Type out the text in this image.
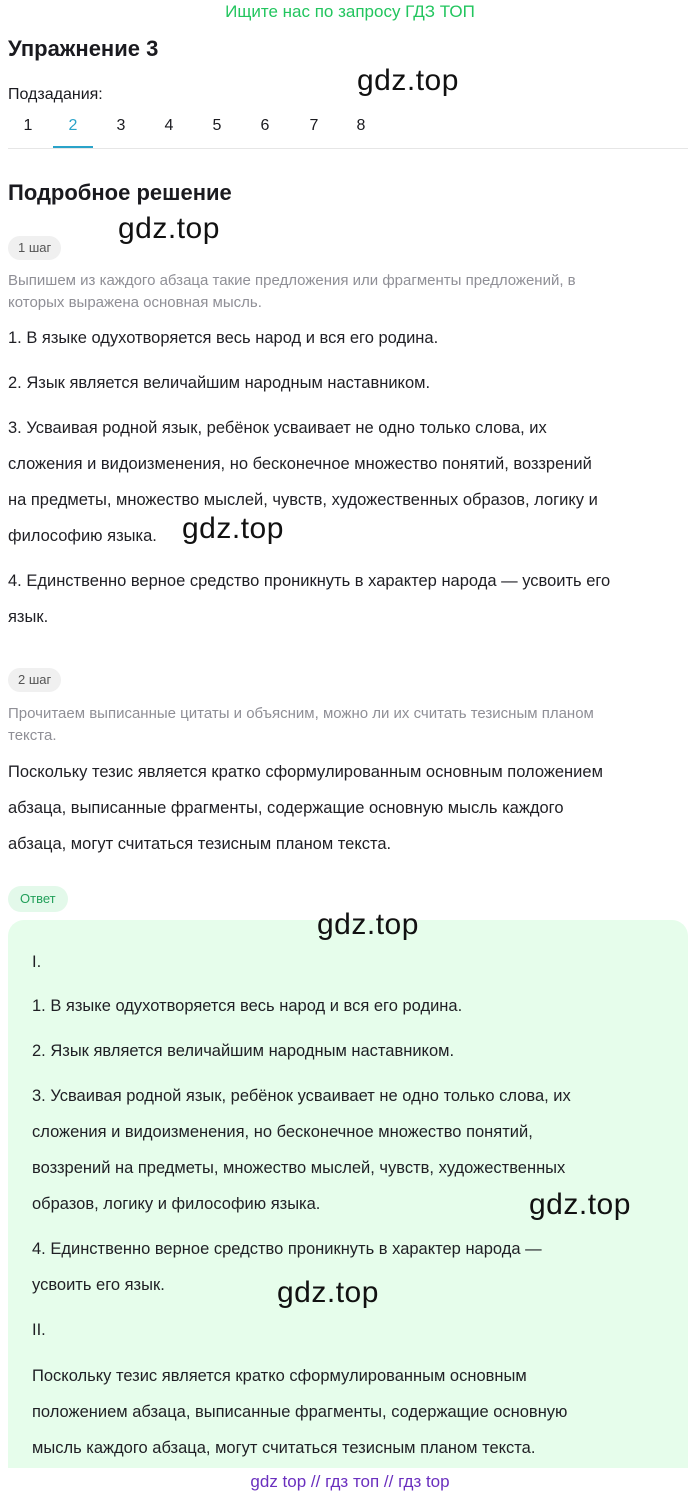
Ищите нас по запросу ГДЗ ТОП
Упражнение 3
gdz.top
Подзадания:
1	2	3	4	5	6	7	8
Подробное решение
1 шаг
gdz.top
Выпишем из каждого абзаца такие предложения или фрагменты предложений, в
которых выражена основная мысль.
1. В языке одухотворяется весь народ и вся его родина.
2. Язык является величайшим народным наставником.
3. Усваивая родной язык, ребёнок усваивает не одно только слова, их
сложения и видоизменения, но бесконечное множество понятий, воззрений
на предметы, множество мыслей, чувств, художественных образов, логику и
философию языка.
4. Единственно верное средство проникнуть в характер народа — усвоить его
язык.
gdz.top
2 шаг
Прочитаем выписанные цитаты и объясним, можно ли их считать тезисным планом
текста.
Поскольку тезис является кратко сформулированным основным положением
абзаца, выписанные фрагменты, содержащие основную мысль каждого
абзаца, могут считаться тезисным планом текста.
Ответ
I.
1. В языке одухотворяется весь народ и вся его родина.
2. Язык является величайшим народным наставником.
3. Усваивая родной язык, ребёнок усваивает не одно только слова, их
сложения и видоизменения, но бесконечное множество понятий,
воззрений на предметы, множество мыслей, чувств, художественных
образов, логику и философию языка.
4. Единственно верное средство проникнуть в характер народа —
усвоить его язык.
II.
Поскольку тезис является кратко сформулированным основным
положением абзаца, выписанные фрагменты, содержащие основную
мысль каждого абзаца, могут считаться тезисным планом текста.
gdz.top
gdz.top
gdz.top
gdz top // гдз топ // гдз top
